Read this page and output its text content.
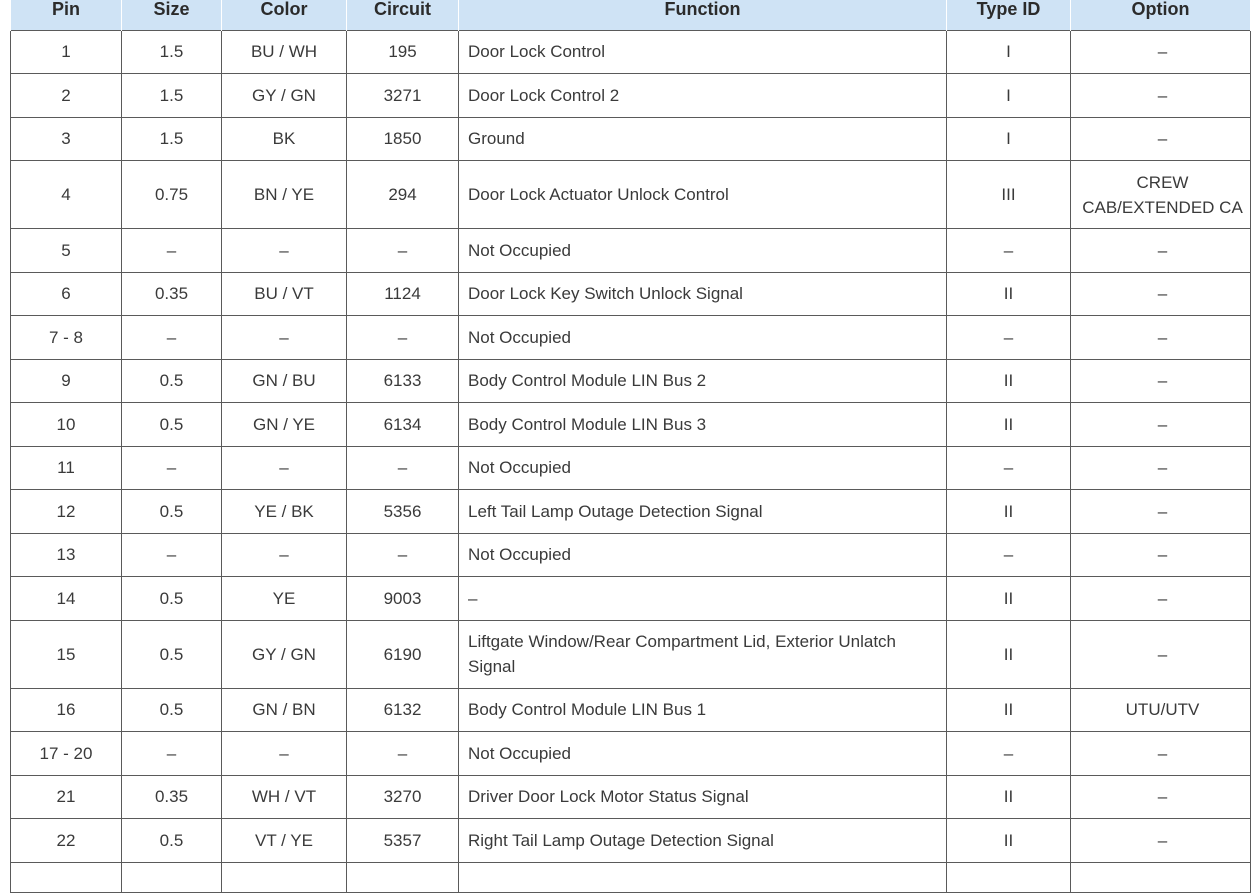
Pin	Size	Color	Circuit	Function	Type ID	Option
1	1.5	BU / WH	195	Door Lock Control	I	–
2	1.5	GY / GN	3271	Door Lock Control 2	I	–
3	1.5	BK	1850	Ground	I	–
4	0.75	BN / YE	294	Door Lock Actuator Unlock Control	III	CREW
CAB/EXTENDED CA

5	–	–	–	Not Occupied	–	–
6	0.35	BU / VT	1124	Door Lock Key Switch Unlock Signal	II	–
7 - 8	–	–	–	Not Occupied	–	–
9	0.5	GN / BU	6133	Body Control Module LIN Bus 2	II	–
10	0.5	GN / YE	6134	Body Control Module LIN Bus 3	II	–
11	–	–	–	Not Occupied	–	–
12	0.5	YE / BK	5356	Left Tail Lamp Outage Detection Signal	II	–
13	–	–	–	Not Occupied	–	–
14	0.5	YE	9003	–	II	–
15	0.5	GY / GN	6190	Liftgate Window/Rear Compartment Lid, Exterior Unlatch Signal	II	–
16	0.5	GN / BN	6132	Body Control Module LIN Bus 1	II	UTU/UTV
17 - 20	–	–	–	Not Occupied	–	–
21	0.35	WH / VT	3270	Driver Door Lock Motor Status Signal	II	–
22	0.5	VT / YE	5357	Right Tail Lamp Outage Detection Signal	II	–
